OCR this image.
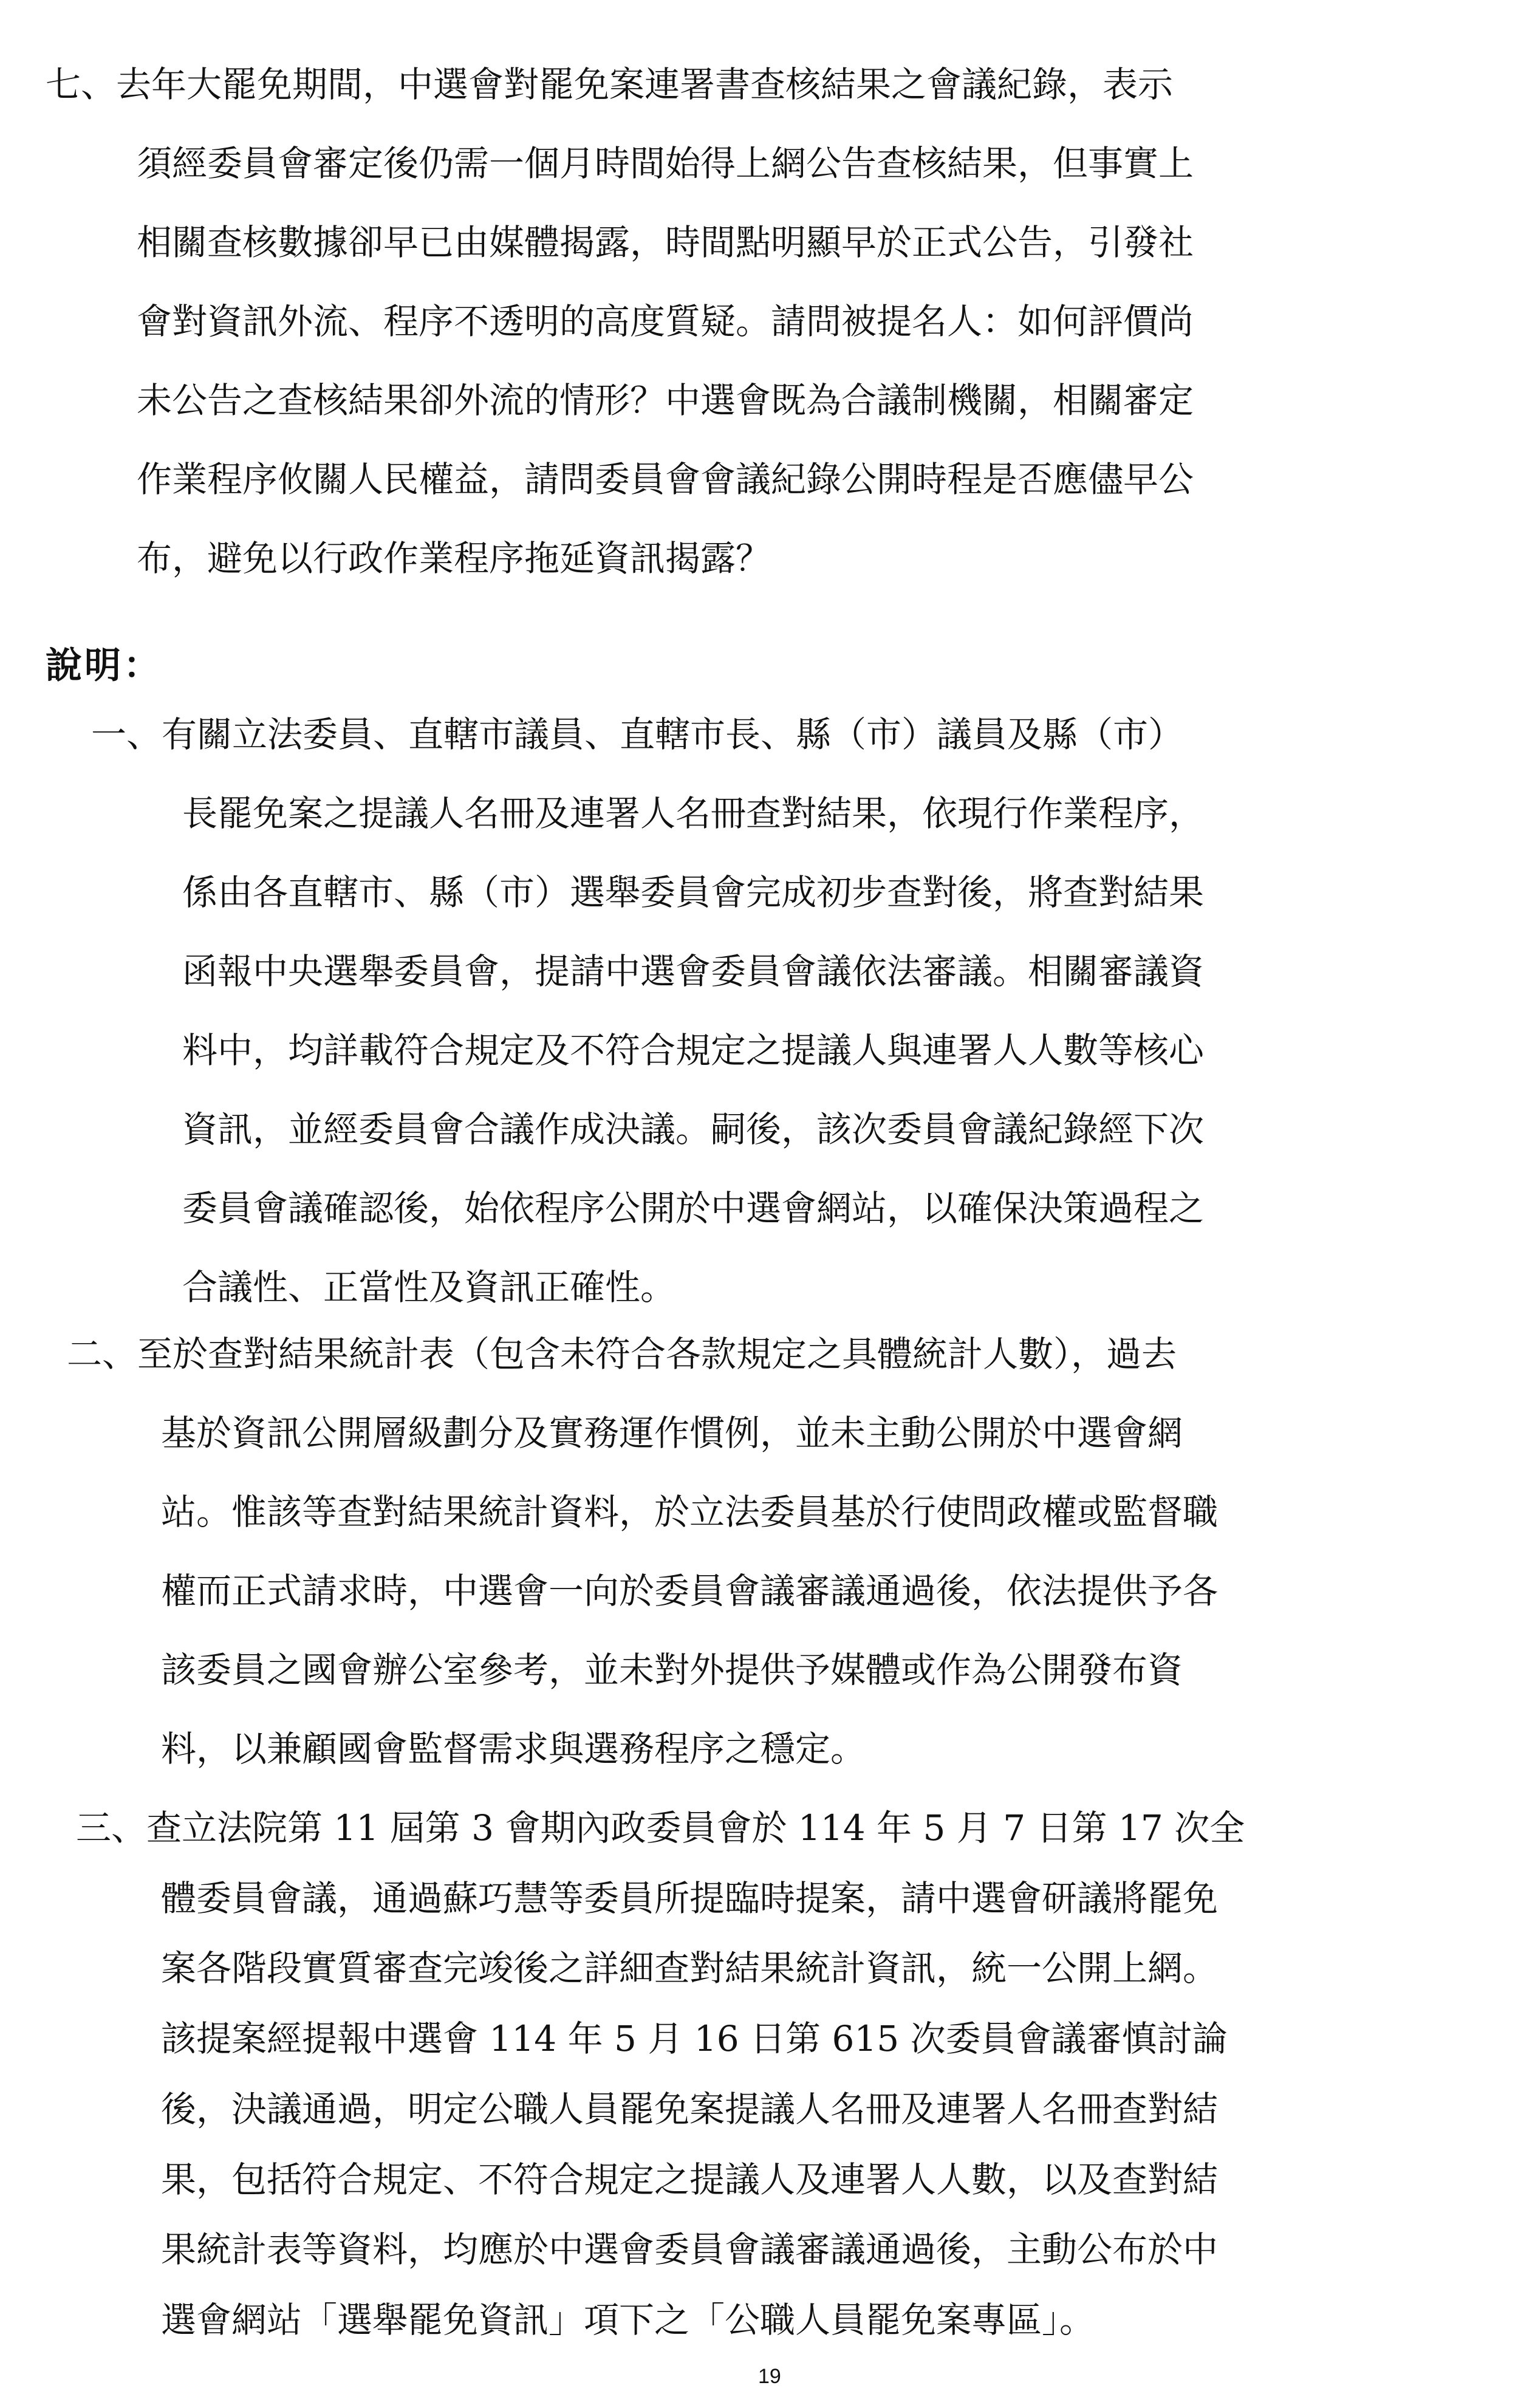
七、去年大罷免期間，中選會對罷免案連署書查核結果之會議紀錄，表示
須經委員會審定後仍需一個月時間始得上網公告查核結果，但事實上
相關查核數據卻早已由媒體揭露，時間點明顯早於正式公告，引發社
會對資訊外流、程序不透明的高度質疑。請問被提名人：如何評價尚
未公告之查核結果卻外流的情形？中選會既為合議制機關，相關審定
作業程序攸關人民權益，請問委員會會議紀錄公開時程是否應儘早公
布，避免以行政作業程序拖延資訊揭露？
說明：
一、有關立法委員、直轄市議員、直轄市長、縣（市）議員及縣（市）
長罷免案之提議人名冊及連署人名冊查對結果，依現行作業程序，
係由各直轄市、縣（市）選舉委員會完成初步查對後，將查對結果
函報中央選舉委員會，提請中選會委員會議依法審議。相關審議資
料中，均詳載符合規定及不符合規定之提議人與連署人人數等核心
資訊，並經委員會合議作成決議。嗣後，該次委員會議紀錄經下次
委員會議確認後，始依程序公開於中選會網站，以確保決策過程之
合議性、正當性及資訊正確性。
二、至於查對結果統計表（包含未符合各款規定之具體統計人數），過去
基於資訊公開層級劃分及實務運作慣例，並未主動公開於中選會網
站。惟該等查對結果統計資料，於立法委員基於行使問政權或監督職
權而正式請求時，中選會一向於委員會議審議通過後，依法提供予各
該委員之國會辦公室參考，並未對外提供予媒體或作為公開發布資
料，以兼顧國會監督需求與選務程序之穩定。
三、查立法院第 11 屆第 3 會期內政委員會於 114 年 5 月 7 日第 17 次全
體委員會議，通過蘇巧慧等委員所提臨時提案，請中選會研議將罷免
案各階段實質審查完竣後之詳細查對結果統計資訊，統一公開上網。
該提案經提報中選會 114 年 5 月 16 日第 615 次委員會議審慎討論
後，決議通過，明定公職人員罷免案提議人名冊及連署人名冊查對結
果，包括符合規定、不符合規定之提議人及連署人人數，以及查對結
果統計表等資料，均應於中選會委員會議審議通過後，主動公布於中
選會網站「選舉罷免資訊」項下之「公職人員罷免案專區」。
19
